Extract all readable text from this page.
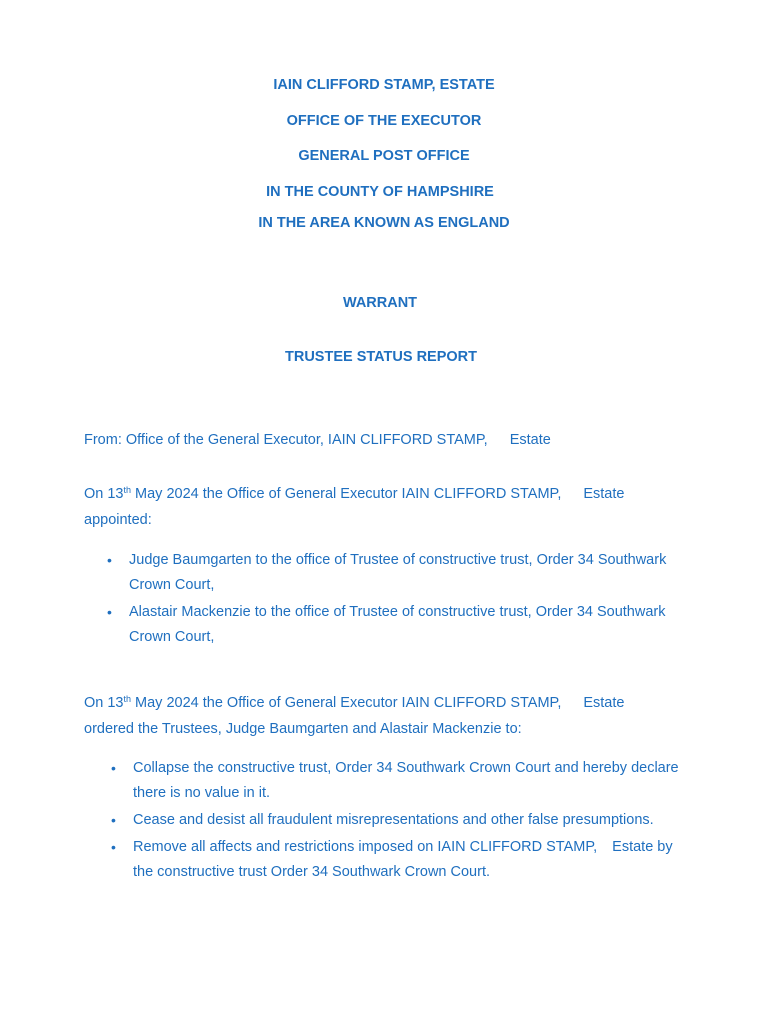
IAIN CLIFFORD STAMP, ESTATE
OFFICE OF THE EXECUTOR
GENERAL POST OFFICE
IN THE COUNTY OF HAMPSHIRE
IN THE AREA KNOWN AS ENGLAND
WARRANT
TRUSTEE STATUS REPORT
From: Office of the General Executor, IAIN CLIFFORD STAMP, Estate
On 13th May 2024 the Office of General Executor IAIN CLIFFORD STAMP, Estate
appointed:
• Judge Baumgarten to the office of Trustee of constructive trust, Order 34 Southwark
Crown Court,
• Alastair Mackenzie to the office of Trustee of constructive trust, Order 34 Southwark
Crown Court,
On 13th May 2024 the Office of General Executor IAIN CLIFFORD STAMP, Estate
ordered the Trustees, Judge Baumgarten and Alastair Mackenzie to:
• Collapse the constructive trust, Order 34 Southwark Crown Court and hereby declare
there is no value in it.
• Cease and desist all fraudulent misrepresentations and other false presumptions.
• Remove all affects and restrictions imposed on IAIN CLIFFORD STAMP, Estate by
the constructive trust Order 34 Southwark Crown Court.
